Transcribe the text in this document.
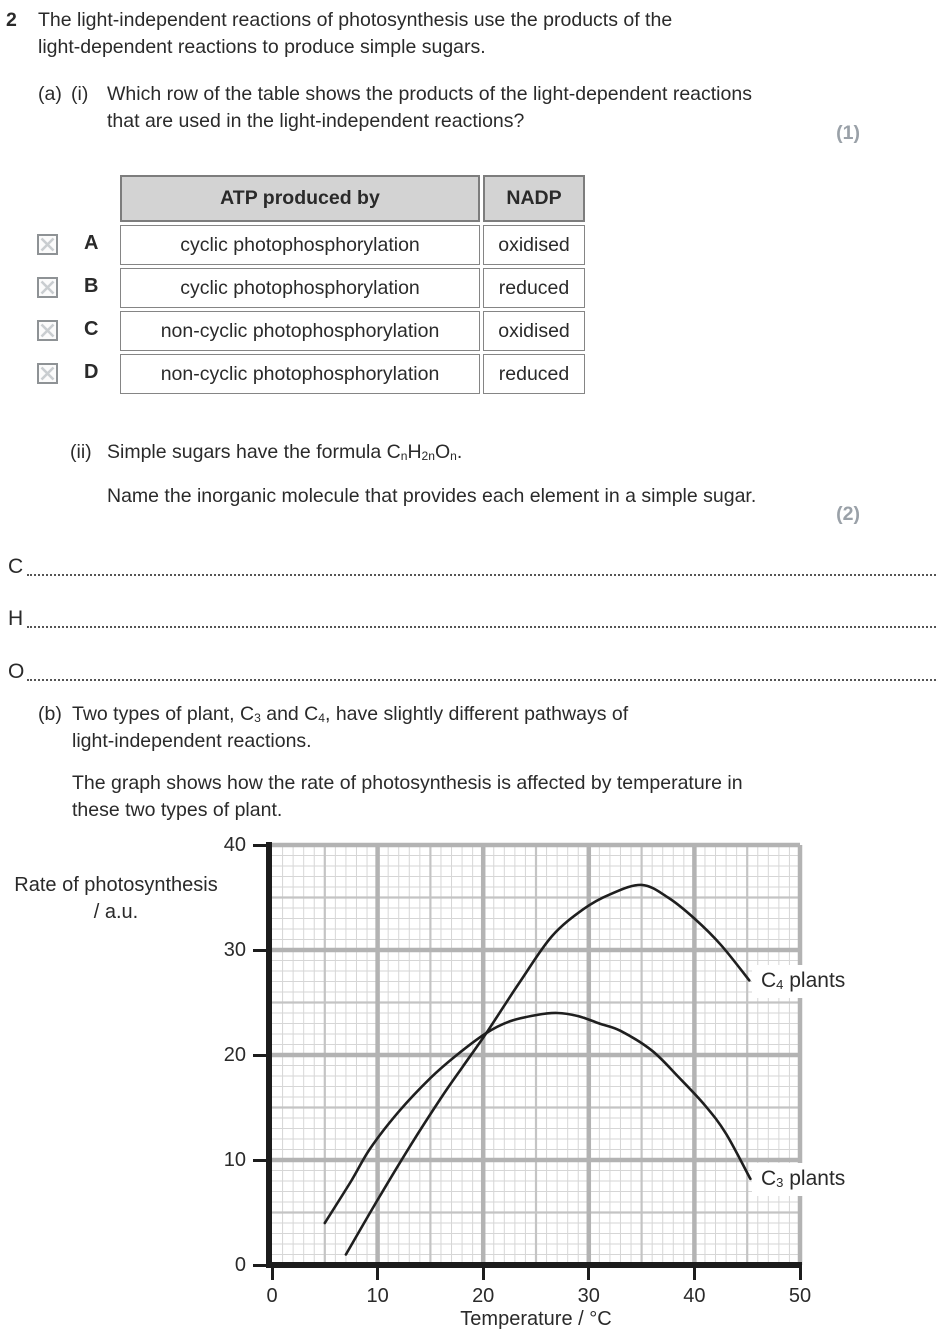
2 The light-independent reactions of photosynthesis use the products of the
light-dependent reactions to produce simple sugars.
(a) (i) Which row of the table shows the products of the light-dependent reactions
that are used in the light-independent reactions?
(1)
ATP produced by	NADP
A	cyclic photophosphorylation	oxidised
B	cyclic photophosphorylation	reduced
C	non-cyclic photophosphorylation	oxidised
D	non-cyclic photophosphorylation	reduced
(ii) Simple sugars have the formula $C_nH_{2n}O_n$.
Name the inorganic molecule that provides each element in a simple sugar.
(2)
C
H
O
(b) Two types of plant, $C_3$ and $C_4$, have slightly different pathways of
light-independent reactions.
The graph shows how the rate of photosynthesis is affected by temperature in
these two types of plant.
Rate of photosynthesis
/ a.u.
0
10
20
30
40
0	10	20	30	40	50
$C_4$ plants
$C_3$ plants
Temperature / °C
